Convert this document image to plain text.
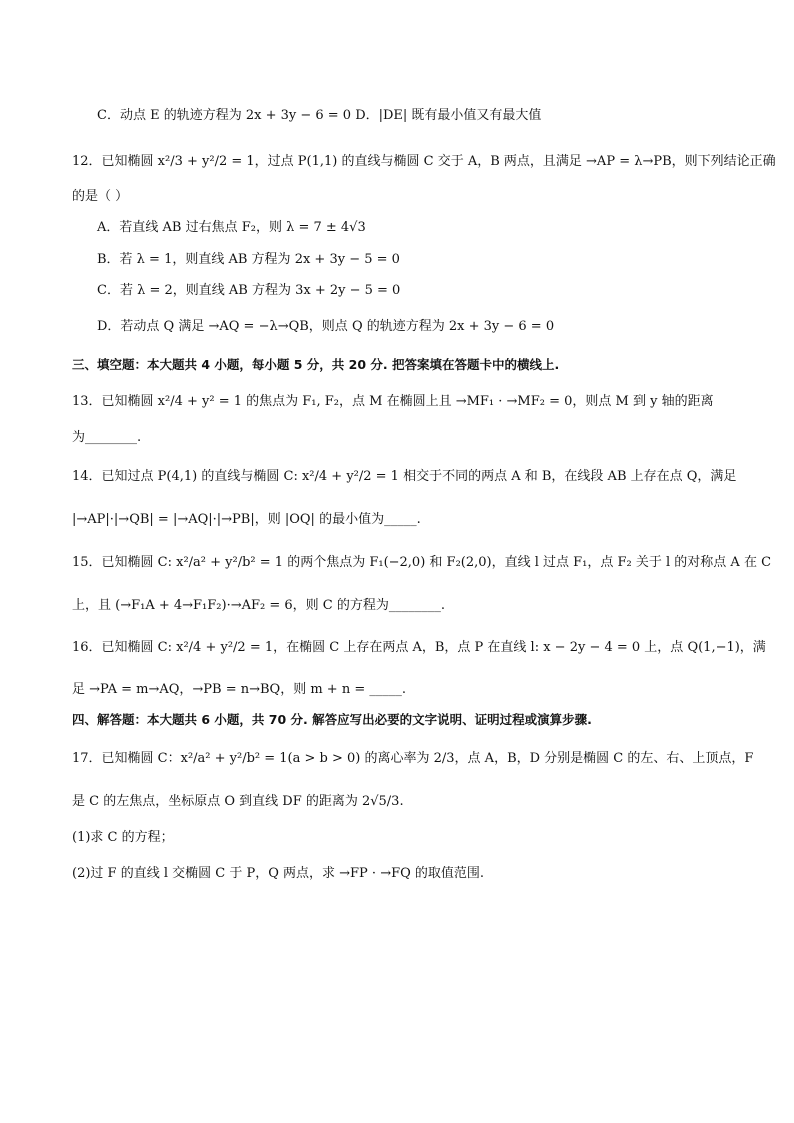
C．动点 E 的轨迹方程为 2x + 3y − 6 = 0 D．|DE| 既有最小值又有最大值
12．已知椭圆 x²/3 + y²/2 = 1，过点 P(1,1) 的直线与椭圆 C 交于 A，B 两点，且满足 →AP = λ→PB，则下列结论正确
的是（ ）
A．若直线 AB 过右焦点 F₂，则 λ = 7 ± 4√3
B．若 λ = 1，则直线 AB 方程为 2x + 3y − 5 = 0
C．若 λ = 2，则直线 AB 方程为 3x + 2y − 5 = 0
D．若动点 Q 满足 →AQ = −λ→QB，则点 Q 的轨迹方程为 2x + 3y − 6 = 0
三、填空题：本大题共 4 小题，每小题 5 分，共 20 分. 把答案填在答题卡中的横线上.
13．已知椭圆 x²/4 + y² = 1 的焦点为 F₁, F₂，点 M 在椭圆上且 →MF₁ · →MF₂ = 0，则点 M 到 y 轴的距离
为________.
14．已知过点 P(4,1) 的直线与椭圆 C: x²/4 + y²/2 = 1 相交于不同的两点 A 和 B，在线段 AB 上存在点 Q，满足
|→AP|·|→QB| = |→AQ|·|→PB|，则 |OQ| 的最小值为_____.
15．已知椭圆 C: x²/a² + y²/b² = 1 的两个焦点为 F₁(−2,0) 和 F₂(2,0)，直线 l 过点 F₁，点 F₂ 关于 l 的对称点 A 在 C
上，且 (→F₁A + 4→F₁F₂)·→AF₂ = 6，则 C 的方程为________.
16．已知椭圆 C: x²/4 + y²/2 = 1，在椭圆 C 上存在两点 A，B，点 P 在直线 l: x − 2y − 4 = 0 上，点 Q(1,−1)，满
足 →PA = m→AQ，→PB = n→BQ，则 m + n = _____.
四、解答题：本大题共 6 小题，共 70 分. 解答应写出必要的文字说明、证明过程或演算步骤.
17．已知椭圆 C：x²/a² + y²/b² = 1(a > b > 0) 的离心率为 2/3，点 A，B，D 分别是椭圆 C 的左、右、上顶点，F
是 C 的左焦点，坐标原点 O 到直线 DF 的距离为 2√5/3.
(1)求 C 的方程；
(2)过 F 的直线 l 交椭圆 C 于 P，Q 两点，求 →FP · →FQ 的取值范围.
